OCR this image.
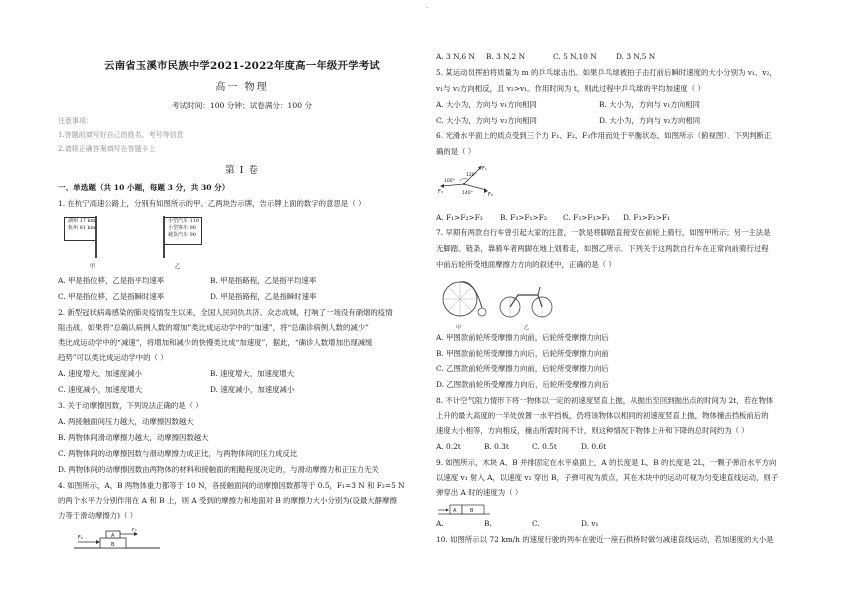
·
云南省玉溪市民族中学2021-2022年度高一年级开学考试
高一 物理
考试时间：100 分钟；试卷满分：100 分
注意事项：
1.答题前填写好自己的姓名、考号等信息
2.请将正确答案填写在答题卡上
第 I 卷
一、单选题（共 10 小题，每题 3 分，共 30 分）
1. 在杭宁高速公路上，分别有如图所示的甲、乙两块告示牌，告示牌上面的数字的意思是（ ）
湖州 17 km
杭州 81 km
小型汽车 110
小型客车 90
载货汽车 90
甲	乙
A. 甲是指位移，乙是指平均速率	B. 甲是指路程，乙是指平均速率
C. 甲是指位移，乙是指瞬时速率	D. 甲是指路程，乙是指瞬时速率
2. 新型冠状病毒感染的肺炎疫情发生以来，全国人民同仇共济、众志成城，打响了一场没有硝烟的疫情
阻击战．如果将“总确认病例人数的增加”类比成运动学中的“加速”，将“总确诊病例人数的减少”
类比成运动学中的“减速”，将增加和减少的快慢类比成“加速度”，据此，“确诊人数增加出现减缓
趋势”可以类比成运动学中的（ ）
A. 速度增大，加速度减小	B. 速度增大，加速度增大
C. 速度减小，加速度增大	D. 速度减小，加速度减小
3. 关于动摩擦因数，下列说法正确的是（ ）
A. 两接触面间压力越大，动摩擦因数越大
B. 两物体间滑动摩擦力越大，动摩擦因数越大
C. 两物体间的动摩擦因数与滑动摩擦力成正比，与两物体间的压力成反比
D. 两物体间的动摩擦因数由两物体的材料和接触面的粗糙程度决定的，与滑动摩擦力和正压力无关
4. 如图所示，A、B 两物体重力都等于 10 N，各接触面间的动摩擦因数都等于 0.5，F₁=3 N 和 F₂=5 N
的两个水平力分别作用在 A 和 B 上，则 A 受到的摩擦力和地面对 B 的摩擦力大小分别为(设最大静摩擦
力等于滑动摩擦力)（ ）
A
B
F₂
F₁
A. 3 N,6 N B. 3 N,2 N	C. 5 N,10 N	D. 3 N,5 N
5. 某运动员挥拍将质量为 m 的乒乓球击出。如果乒乓球被拍子击打前后瞬时速度的大小分别为 v₁、v₂，
v₁与 v₂方向相反，且 v₂>v₁。作用时间为 t，则此过程中乒乓球的平均加速度（ ）
A. 大小为，方向与 v₁方向相同	B. 大小为，方向与 v₁方向相同
C. 大小为，方向与 v₂方向相同	D. 大小为，方向与 v₂方向相同
6. 光滑水平面上的质点受到三个力 F₁、F₂、F₃作用而处于平衡状态，如图所示（俯视图）．下列判断正
确的是（ ）
F₁
F₂
F₃
120°
100°
140°
A. F₁>F₂>F₃ B. F₃>F₁>F₂ C. F₂>F₃>F₁ D. F₃>F₂>F₁
7. 早期有两款自行车曾引起大家的注意，一款是将脚踏直接安在前轮上骑行，如图甲所示；另一主法是
无脚踏、链条，靠骑车者两脚在地上划着走，如图乙所示．下列关于这两款自行车在正常向前骑行过程
中前后轮所受地面摩擦力方向的叙述中，正确的是（ ）
甲	乙
A. 甲图款前轮所受摩擦力向前，后轮所受摩擦力向后
B. 甲图款前轮所受摩擦力向后，后轮所受摩擦力向前
C. 乙图款前轮所受摩擦力向前，后轮所受摩擦力向后
D. 乙图款前轮所受摩擦力向后，后轮所受摩擦力向后
8. 不计空气阻力情形下将一物体以一定的初速度竖直上抛，从抛出至回到抛出点的时间为 2t，若在物体
上升的最大高度的一半处放置一水平挡板，仍将该物体以相同的初速度竖直上抛，物体撞击挡板前后的
速度大小相等，方向相反，撞击所需时间不计，则这种情况下物体上升和下降的总时间约为（ ）
A. 0.2t	B. 0.3t	C. 0.5t	D. 0.6t
9. 如图所示，木块 A、B 并排固定在水平桌面上，A 的长度是 L，B 的长度是 2L，一颗子弹沿水平方向
以速度 v₁ 射入 A，以速度 v₂ 穿出 B，子弹可视为质点，其在木块中的运动可视为匀变速直线运动，则子
弹穿出 A 时的速度为（ ）
A	B
A.	B.	C.	D. v₁
10. 如图所示以 72 km/h 的速度行驶的列车在驶近一座石拱桥时做匀减速直线运动，若加速度的大小是
